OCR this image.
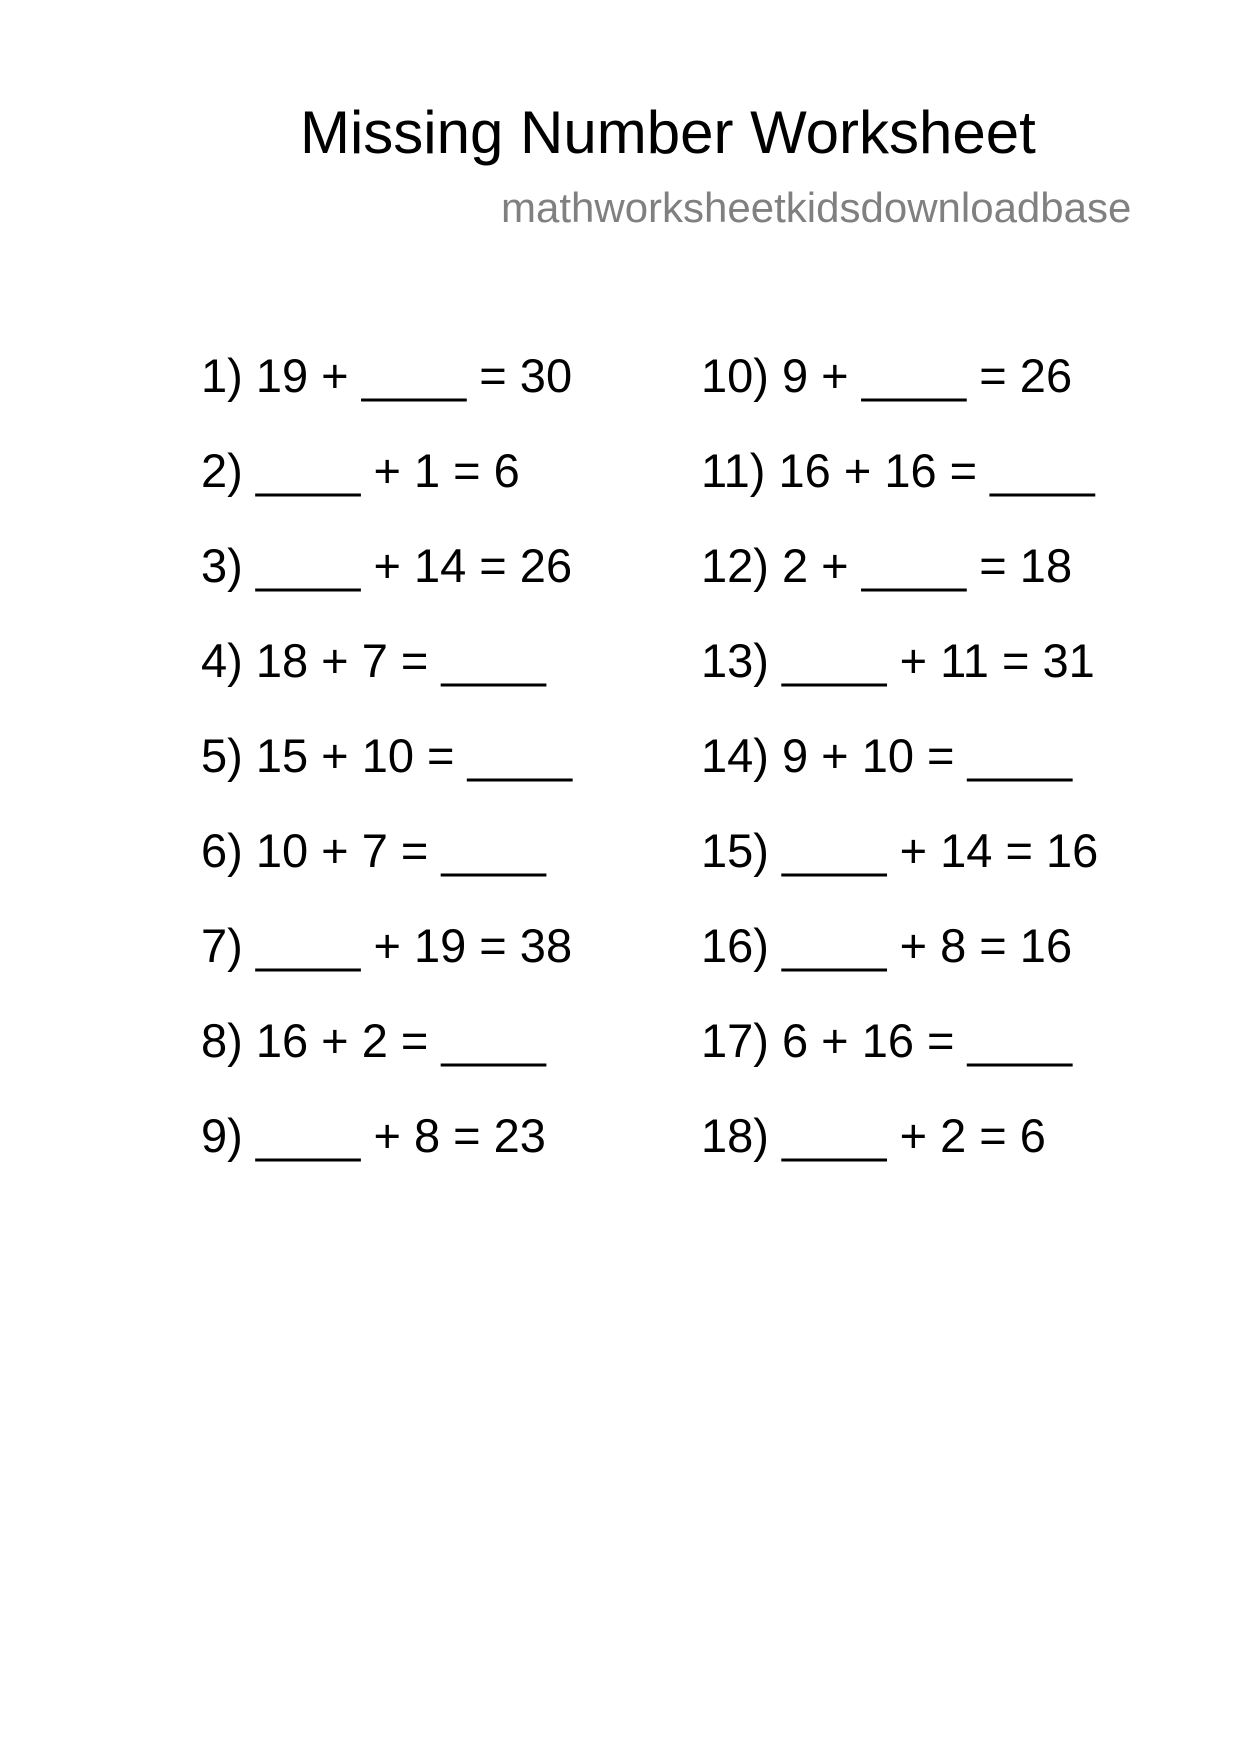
Missing Number Worksheet
mathworksheetkidsdownloadbase
1) 19 + ____ = 30
2) ____ + 1 = 6
3) ____ + 14 = 26
4) 18 + 7 = ____
5) 15 + 10 = ____
6) 10 + 7 = ____
7) ____ + 19 = 38
8) 16 + 2 = ____
9) ____ + 8 = 23
10) 9 + ____ = 26
11) 16 + 16 = ____
12) 2 + ____ = 18
13) ____ + 11 = 31
14) 9 + 10 = ____
15) ____ + 14 = 16
16) ____ + 8 = 16
17) 6 + 16 = ____
18) ____ + 2 = 6
